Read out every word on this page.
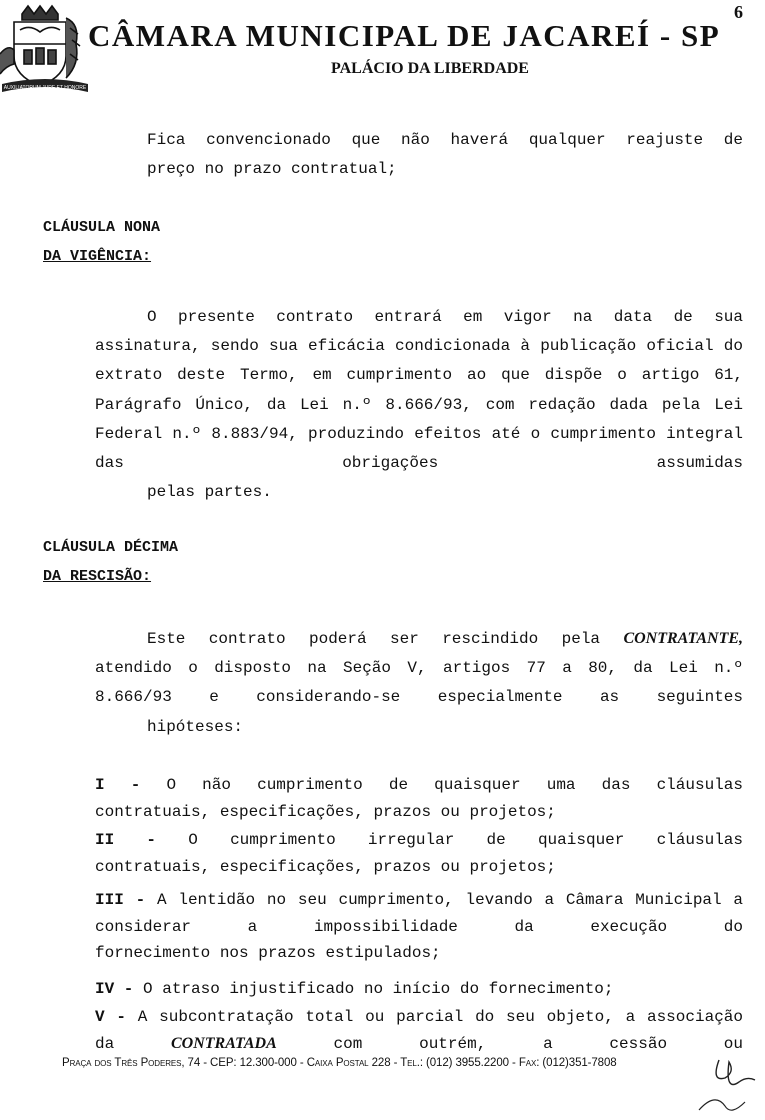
AUXILIATORUM JURE ET HONORE
6
CÂMARA MUNICIPAL DE JACAREÍ - SP
PALÁCIO DA LIBERDADE
Fica convencionado que não haverá qualquer reajuste de
preço no prazo contratual;
CLÁUSULA NONA
DA VIGÊNCIA:
O presente contrato entrará em vigor na data de sua assinatura, sendo sua eficácia condicionada à publicação oficial do extrato deste Termo, em cumprimento ao que dispõe o artigo 61, Parágrafo Único, da Lei n.º 8.666/93, com redação dada pela Lei Federal n.º 8.883/94, produzindo efeitos até o cumprimento integral das obrigações assumidas
pelas partes.
CLÁUSULA DÉCIMA
DA RESCISÃO:
Este contrato poderá ser rescindido pela CONTRATANTE, atendido o disposto na Seção V, artigos 77 a 80, da Lei n.º 8.666/93 e considerando-se especialmente as seguintes
hipóteses:
I - O não cumprimento de quaisquer uma das cláusulas
contratuais, especificações, prazos ou projetos;
II - O cumprimento irregular de quaisquer cláusulas
contratuais, especificações, prazos ou projetos;
III - A lentidão no seu cumprimento, levando a Câmara Municipal a considerar a impossibilidade da execução do
fornecimento nos prazos estipulados;
IV - O atraso injustificado no início do fornecimento;
V - A subcontratação total ou parcial do seu objeto, a associação da	CONTRATADA	com outrém, a cessão ou
Praça dos Três Poderes, 74 - CEP: 12.300-000 - Caixa Postal 228 - Tel.: (012) 3955.2200 - Fax: (012)351-7808
